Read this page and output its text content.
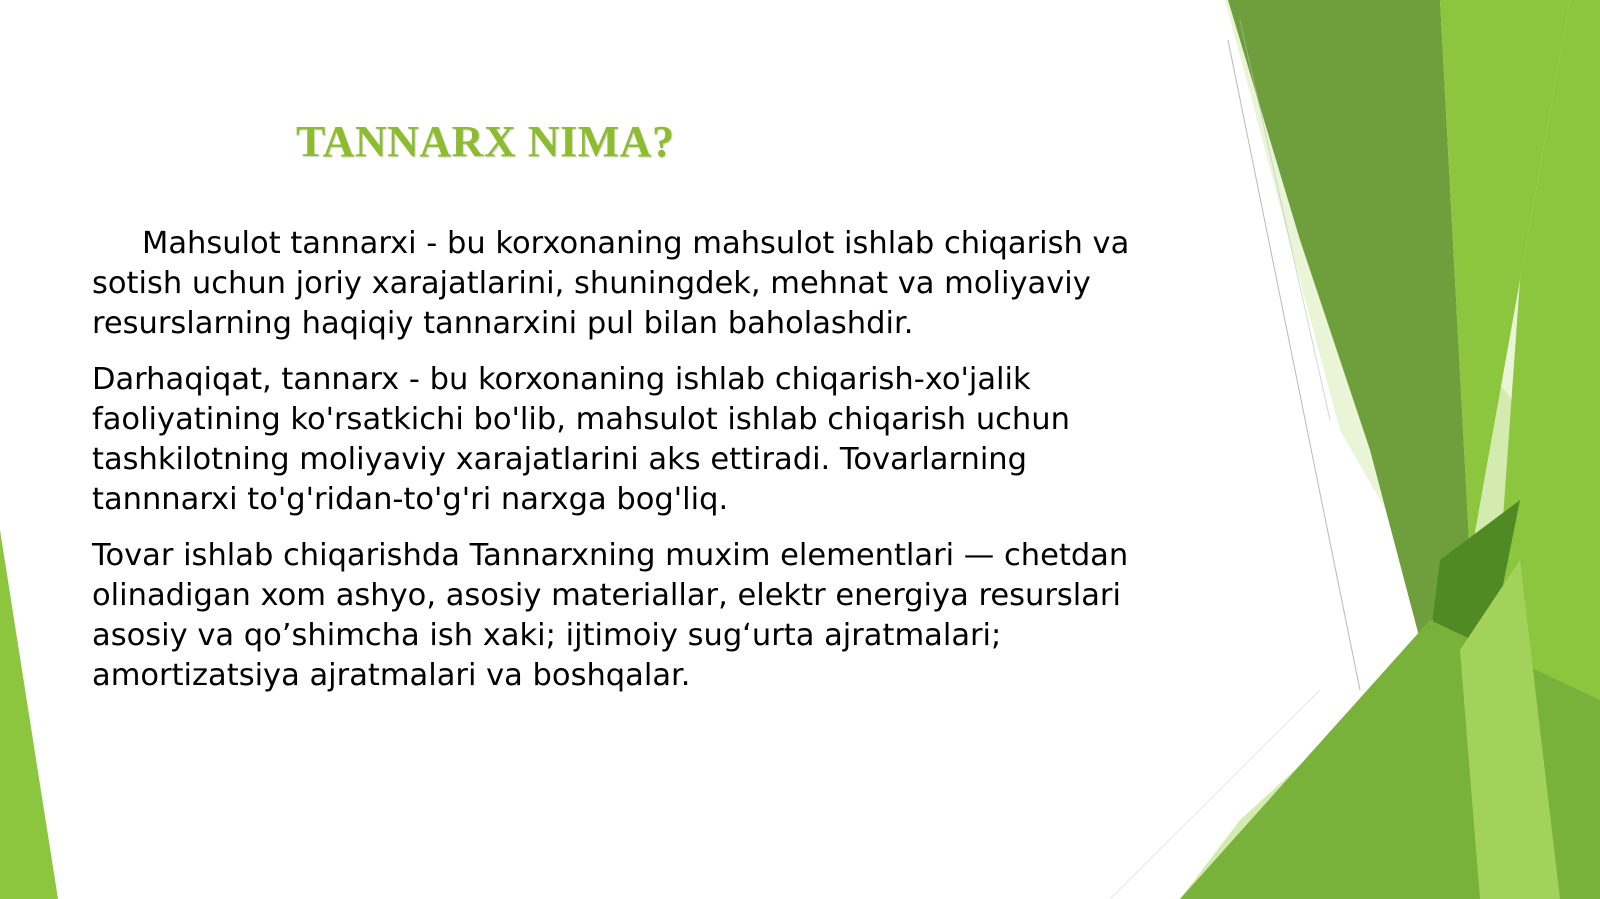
TANNARX NIMA?

Mahsulot tannarxi - bu korxonaning mahsulot ishlab chiqarish va
sotish uchun joriy xarajatlarini, shuningdek, mehnat va moliyaviy
resurslarning haqiqiy tannarxini pul bilan baholashdir.

Darhaqiqat, tannarx - bu korxonaning ishlab chiqarish-xo'jalik
faoliyatining ko'rsatkichi bo'lib, mahsulot ishlab chiqarish uchun
tashkilotning moliyaviy xarajatlarini aks ettiradi. Tovarlarning
tannnarxi to'g'ridan-to'g'ri narxga bog'liq.

Tovar ishlab chiqarishda Tannarxning muxim elementlari — chetdan
olinadigan xom ashyo, asosiy materiallar, elektr energiya resurslari
asosiy va qo’shimcha ish xaki; ijtimoiy sug‘urta ajratmalari;
amortizatsiya ajratmalari va boshqalar.
